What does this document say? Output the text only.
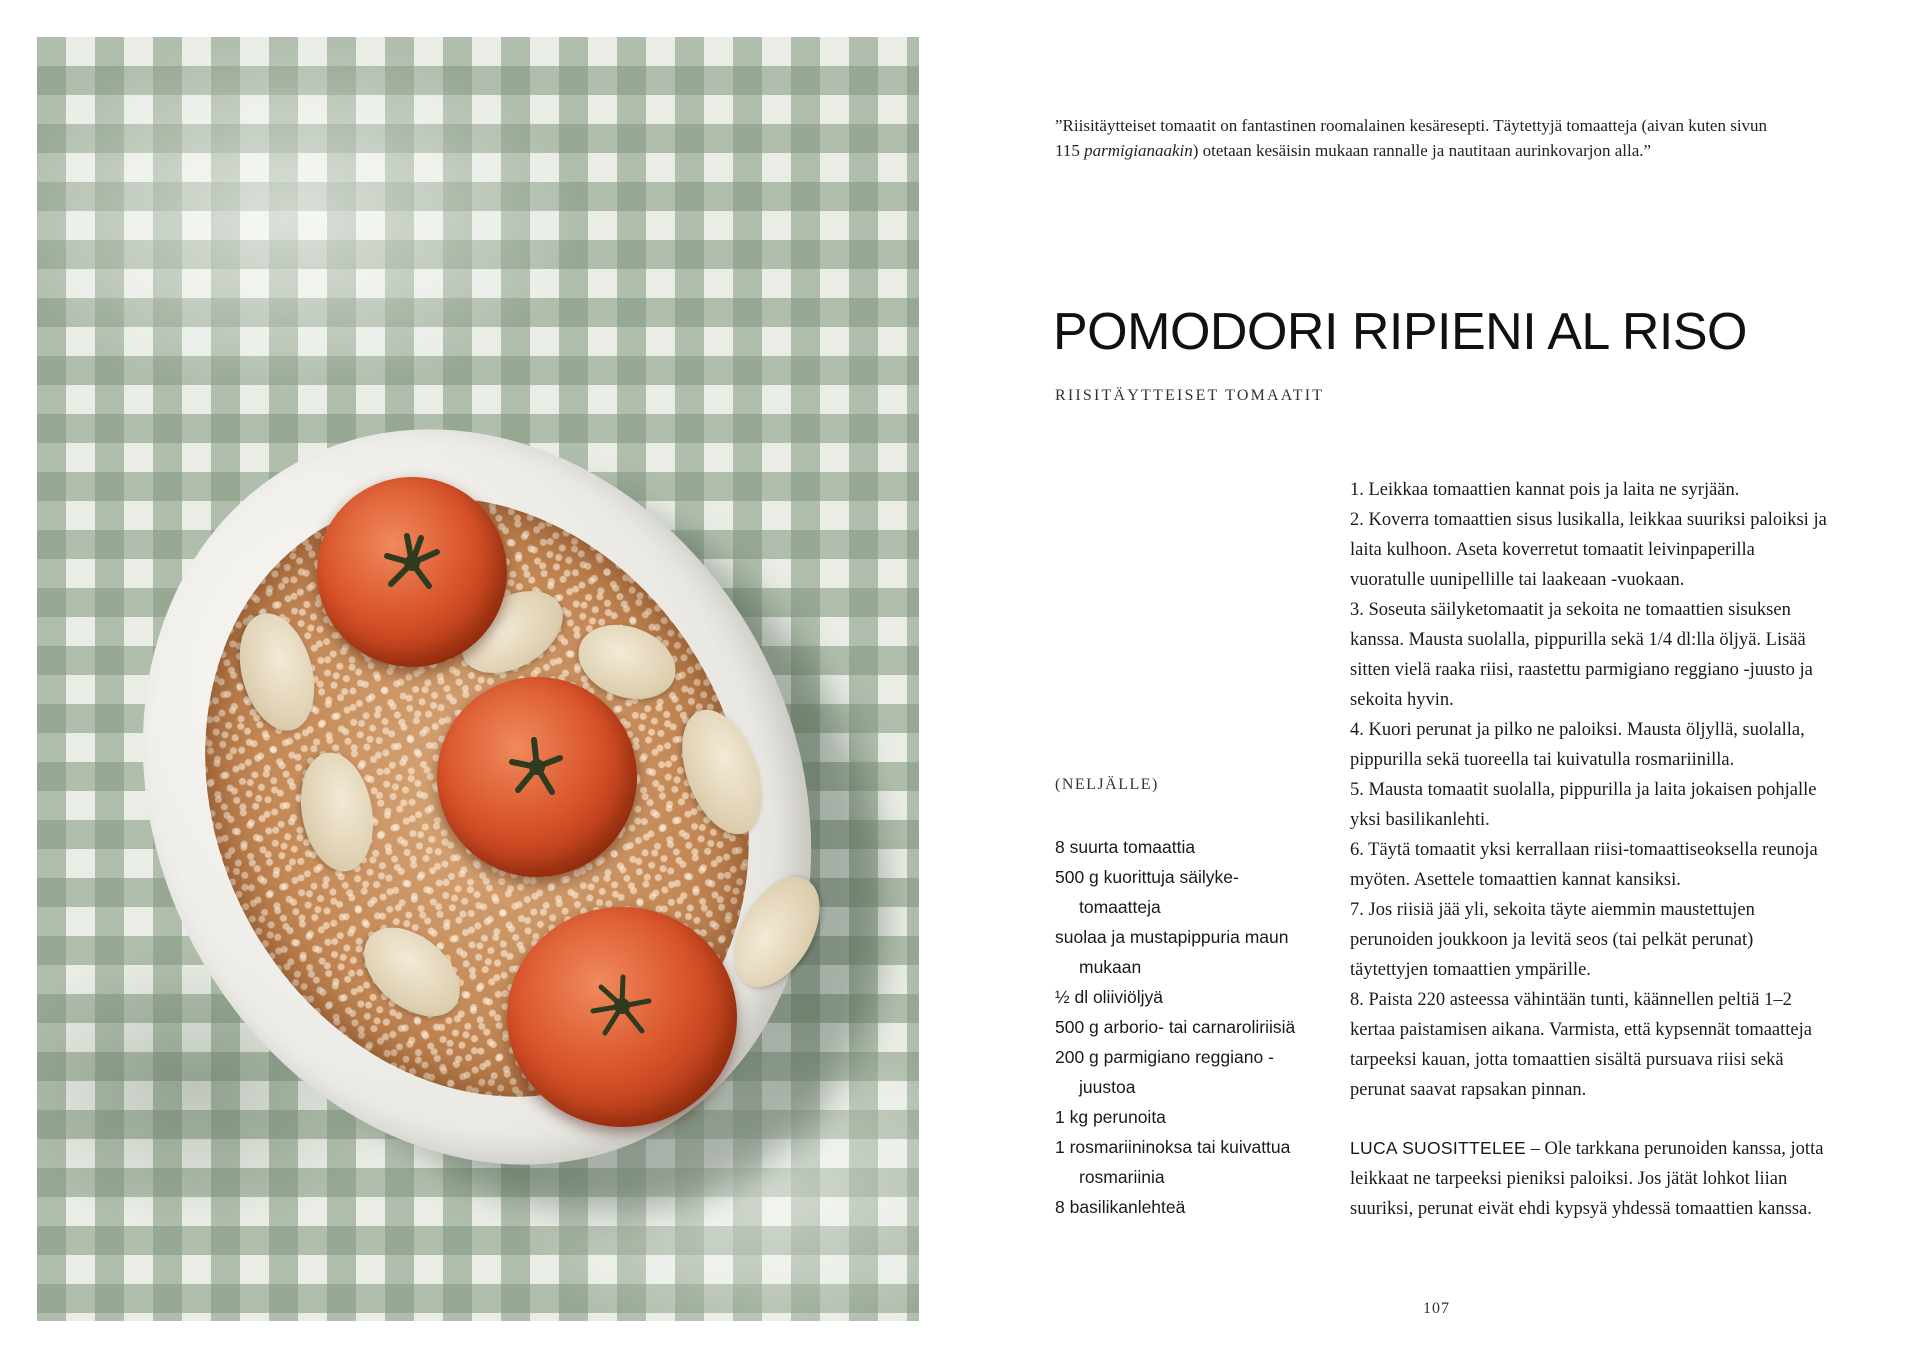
”Riisitäytteiset tomaatit on fantastinen roomalainen kesäresepti. Täytettyjä tomaatteja (aivan kuten sivun 115 parmigianaakin) otetaan kesäisin mukaan rannalle ja nautitaan aurinkovarjon alla.”
POMODORI RIPIENI AL RISO
RIISITÄYTTEISET TOMAATIT
(NELJÄLLE)
8 suurta tomaattia
500 g kuorittuja säilyke-tomaatteja
suolaa ja mustapippuria maun mukaan
½ dl oliiviöljyä
500 g arborio- tai carnaroliriisiä
200 g parmigiano reggiano -juustoa
1 kg perunoita
1 rosmariininoksa tai kuivattua rosmariinia
8 basilikanlehteä
1. Leikkaa tomaattien kannat pois ja laita ne syrjään.
2. Koverra tomaattien sisus lusikalla, leikkaa suuriksi paloiksi ja laita kulhoon. Aseta koverretut tomaatit leivinpaperilla vuoratulle uunipellille tai laakeaan -vuokaan.
3. Soseuta säilyketomaatit ja sekoita ne tomaattien sisuksen kanssa. Mausta suolalla, pippurilla sekä 1/4 dl:lla öljyä. Lisää sitten vielä raaka riisi, raastettu parmigiano reggiano -juusto ja sekoita hyvin.
4. Kuori perunat ja pilko ne paloiksi. Mausta öljyllä, suolalla, pippurilla sekä tuoreella tai kuivatulla rosmariinilla.
5. Mausta tomaatit suolalla, pippurilla ja laita jokaisen pohjalle yksi basilikanlehti.
6. Täytä tomaatit yksi kerrallaan riisi-tomaattiseoksella reunoja myöten. Asettele tomaattien kannat kansiksi.
7. Jos riisiä jää yli, sekoita täyte aiemmin maustettujen perunoiden joukkoon ja levitä seos (tai pelkät perunat) täytettyjen tomaattien ympärille.
8. Paista 220 asteessa vähintään tunti, käännellen peltiä 1–2 kertaa paistamisen aikana. Varmista, että kypsennät tomaatteja tarpeeksi kauan, jotta tomaattien sisältä pursuava riisi sekä perunat saavat rapsakan pinnan.
LUCA SUOSITTELEE – Ole tarkkana perunoiden kanssa, jotta leikkaat ne tarpeeksi pieniksi paloiksi. Jos jätät lohkot liian suuriksi, perunat eivät ehdi kypsyä yhdessä tomaattien kanssa.
107
